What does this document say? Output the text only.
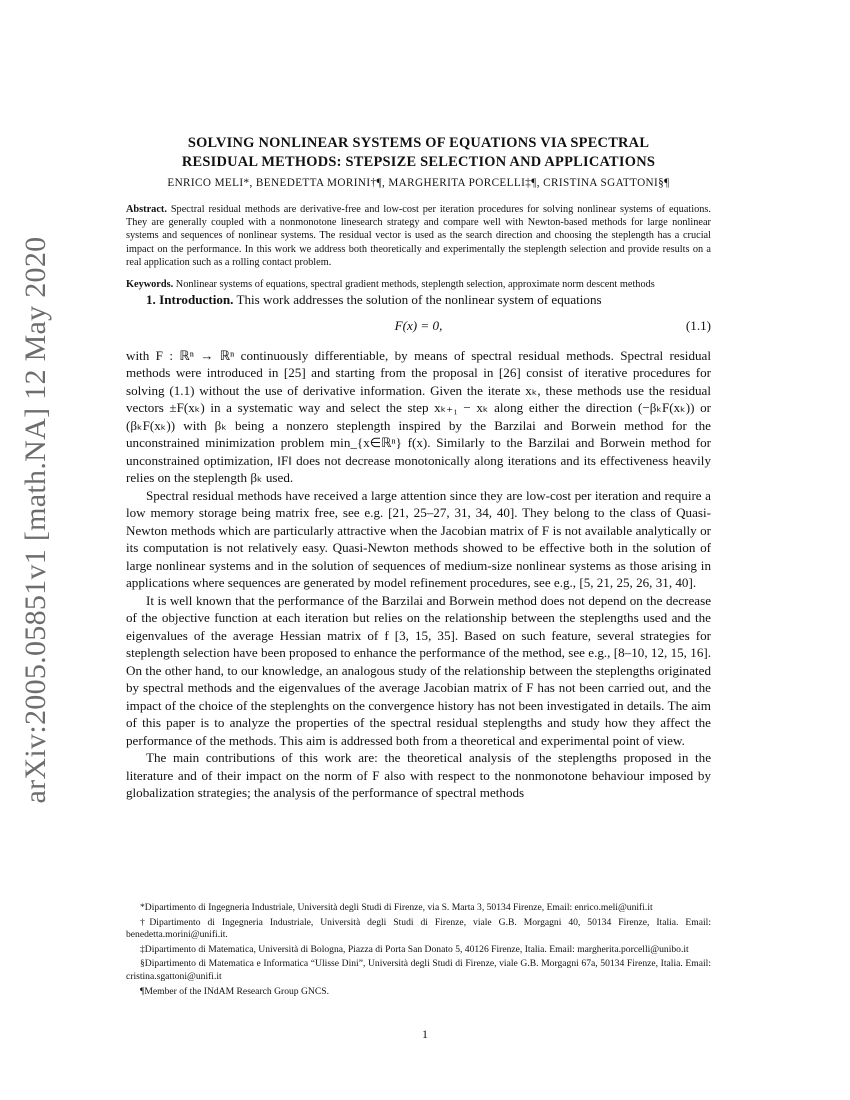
arXiv:2005.05851v1 [math.NA] 12 May 2020
SOLVING NONLINEAR SYSTEMS OF EQUATIONS VIA SPECTRAL
RESIDUAL METHODS: STEPSIZE SELECTION AND APPLICATIONS
ENRICO MELI*, BENEDETTA MORINI†¶, MARGHERITA PORCELLI‡¶, CRISTINA SGATTONI§¶
Abstract. Spectral residual methods are derivative-free and low-cost per iteration procedures for solving nonlinear systems of equations. They are generally coupled with a nonmonotone linesearch strategy and compare well with Newton-based methods for large nonlinear systems and sequences of nonlinear systems. The residual vector is used as the search direction and choosing the steplength has a crucial impact on the performance. In this work we address both theoretically and experimentally the steplength selection and provide results on a real application such as a rolling contact problem.
Keywords. Nonlinear systems of equations, spectral gradient methods, steplength selection, approximate norm descent methods

1. Introduction. This work addresses the solution of the nonlinear system of equations

F(x) = 0,	(1.1)

with F : ℝⁿ → ℝⁿ continuously differentiable, by means of spectral residual methods. Spectral residual methods were introduced in [25] and starting from the proposal in [26] consist of iterative procedures for solving (1.1) without the use of derivative information. Given the iterate xₖ, these methods use the residual vectors ±F(xₖ) in a systematic way and select the step xₖ₊₁ − xₖ along either the direction (−βₖF(xₖ)) or (βₖF(xₖ)) with βₖ being a nonzero steplength inspired by the Barzilai and Borwein method for the unconstrained minimization problem min_{x∈ℝⁿ} f(x). Similarly to the Barzilai and Borwein method for unconstrained optimization, ‖F‖ does not decrease monotonically along iterations and its effectiveness heavily relies on the steplength βₖ used.

Spectral residual methods have received a large attention since they are low-cost per iteration and require a low memory storage being matrix free, see e.g. [21, 25–27, 31, 34, 40]. They belong to the class of Quasi-Newton methods which are particularly attractive when the Jacobian matrix of F is not available analytically or its computation is not relatively easy. Quasi-Newton methods showed to be effective both in the solution of large nonlinear systems and in the solution of sequences of medium-size nonlinear systems as those arising in applications where sequences are generated by model refinement procedures, see e.g., [5, 21, 25, 26, 31, 40].

It is well known that the performance of the Barzilai and Borwein method does not depend on the decrease of the objective function at each iteration but relies on the relationship between the steplengths used and the eigenvalues of the average Hessian matrix of f [3, 15, 35]. Based on such feature, several strategies for steplength selection have been proposed to enhance the performance of the method, see e.g., [8–10, 12, 15, 16]. On the other hand, to our knowledge, an analogous study of the relationship between the steplengths originated by spectral methods and the eigenvalues of the average Jacobian matrix of F has not been carried out, and the impact of the choice of the steplenghts on the convergence history has not been investigated in details. The aim of this paper is to analyze the properties of the spectral residual steplengths and study how they affect the performance of the methods. This aim is addressed both from a theoretical and experimental point of view.

The main contributions of this work are: the theoretical analysis of the steplengths proposed in the literature and of their impact on the norm of F also with respect to the nonmonotone behaviour imposed by globalization strategies; the analysis of the performance of spectral methods

*Dipartimento di Ingegneria Industriale, Università degli Studi di Firenze, via S. Marta 3, 50134 Firenze, Email: enrico.meli@unifi.it

†Dipartimento di Ingegneria Industriale, Università degli Studi di Firenze, viale G.B. Morgagni 40, 50134 Firenze, Italia. Email: benedetta.morini@unifi.it.

‡Dipartimento di Matematica, Università di Bologna, Piazza di Porta San Donato 5, 40126 Firenze, Italia. Email: margherita.porcelli@unibo.it

§Dipartimento di Matematica e Informatica “Ulisse Dini”, Università degli Studi di Firenze, viale G.B. Morgagni 67a, 50134 Firenze, Italia. Email: cristina.sgattoni@unifi.it

¶Member of the INdAM Research Group GNCS.

1
